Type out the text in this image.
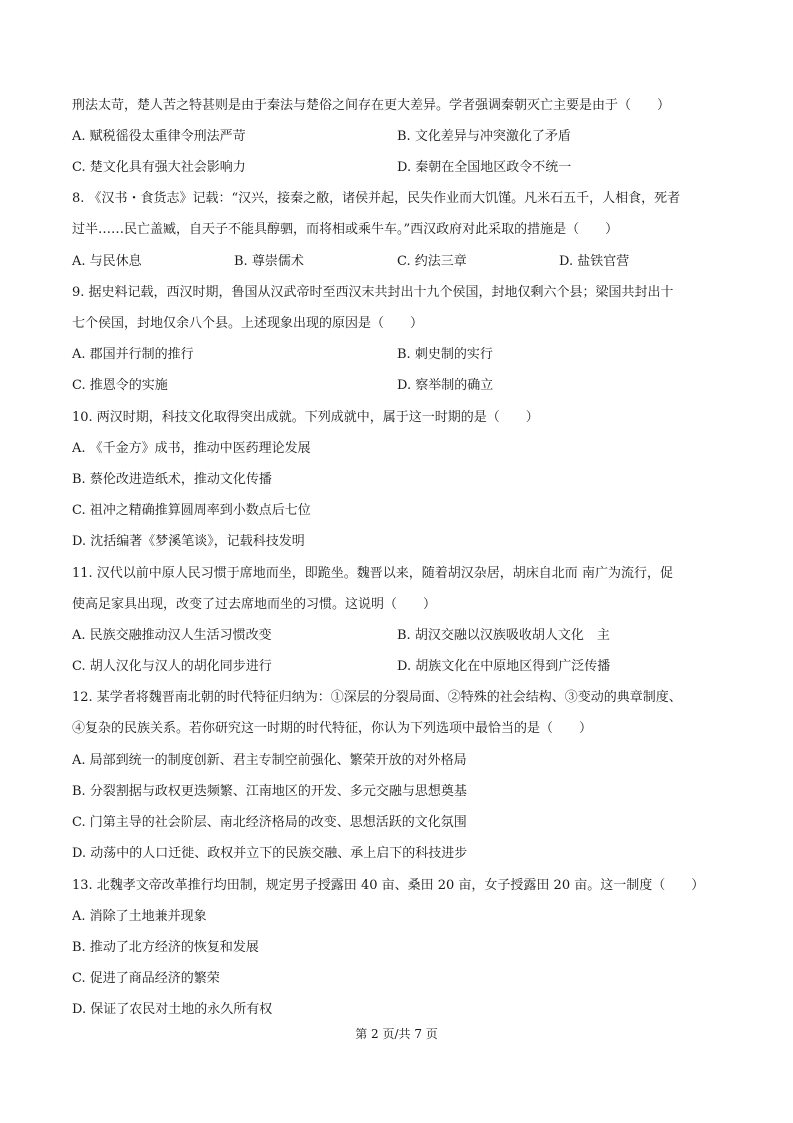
刑法太苛，楚人苦之特甚则是由于秦法与楚俗之间存在更大差异。学者强调秦朝灭亡主要是由于（　　）
A. 赋税徭役太重律令刑法严苛	B. 文化差异与冲突激化了矛盾
C. 楚文化具有强大社会影响力	D. 秦朝在全国地区政令不统一
8. 《汉书・食货志》记载：“汉兴，接秦之敝，诸侯并起，民失作业而大饥馑。凡米石五千，人相食，死者
过半……民亡盖臧，自天子不能具醇驷，而将相或乘牛车。”西汉政府对此采取的措施是（　　）
A. 与民休息	B. 尊崇儒术	C. 约法三章	D. 盐铁官营
9. 据史料记载，西汉时期，鲁国从汉武帝时至西汉末共封出十九个侯国，封地仅剩六个县；梁国共封出十
七个侯国，封地仅余八个县。上述现象出现的原因是（　　）
A. 郡国并行制的推行	B. 刺史制的实行
C. 推恩令的实施	D. 察举制的确立
10. 两汉时期，科技文化取得突出成就。下列成就中，属于这一时期的是（　　）
A. 《千金方》成书，推动中医药理论发展
B. 蔡伦改进造纸术，推动文化传播
C. 祖冲之精确推算圆周率到小数点后七位
D. 沈括编著《梦溪笔谈》，记载科技发明
11. 汉代以前中原人民习惯于席地而坐，即跪坐。魏晋以来，随着胡汉杂居，胡床自北而 南广为流行，促
使高足家具出现，改变了过去席地而坐的习惯。这说明（　　）
A. 民族交融推动汉人生活习惯改变	B. 胡汉交融以汉族吸收胡人文化　主
C. 胡人汉化与汉人的胡化同步进行	D. 胡族文化在中原地区得到广泛传播
12. 某学者将魏晋南北朝的时代特征归纳为：①深层的分裂局面、②特殊的社会结构、③变动的典章制度、
④复杂的民族关系。若你研究这一时期的时代特征，你认为下列选项中最恰当的是（　　）
A. 局部到统一的制度创新、君主专制空前强化、繁荣开放的对外格局
B. 分裂割据与政权更迭频繁、江南地区的开发、多元交融与思想奠基
C. 门第主导的社会阶层、南北经济格局的改变、思想活跃的文化氛围
D. 动荡中的人口迁徙、政权并立下的民族交融、承上启下的科技进步
13. 北魏孝文帝改革推行均田制，规定男子授露田 40 亩、桑田 20 亩，女子授露田 20 亩。这一制度（　　）
A. 消除了土地兼并现象
B. 推动了北方经济的恢复和发展
C. 促进了商品经济的繁荣
D. 保证了农民对土地的永久所有权
第 2 页/共 7 页
